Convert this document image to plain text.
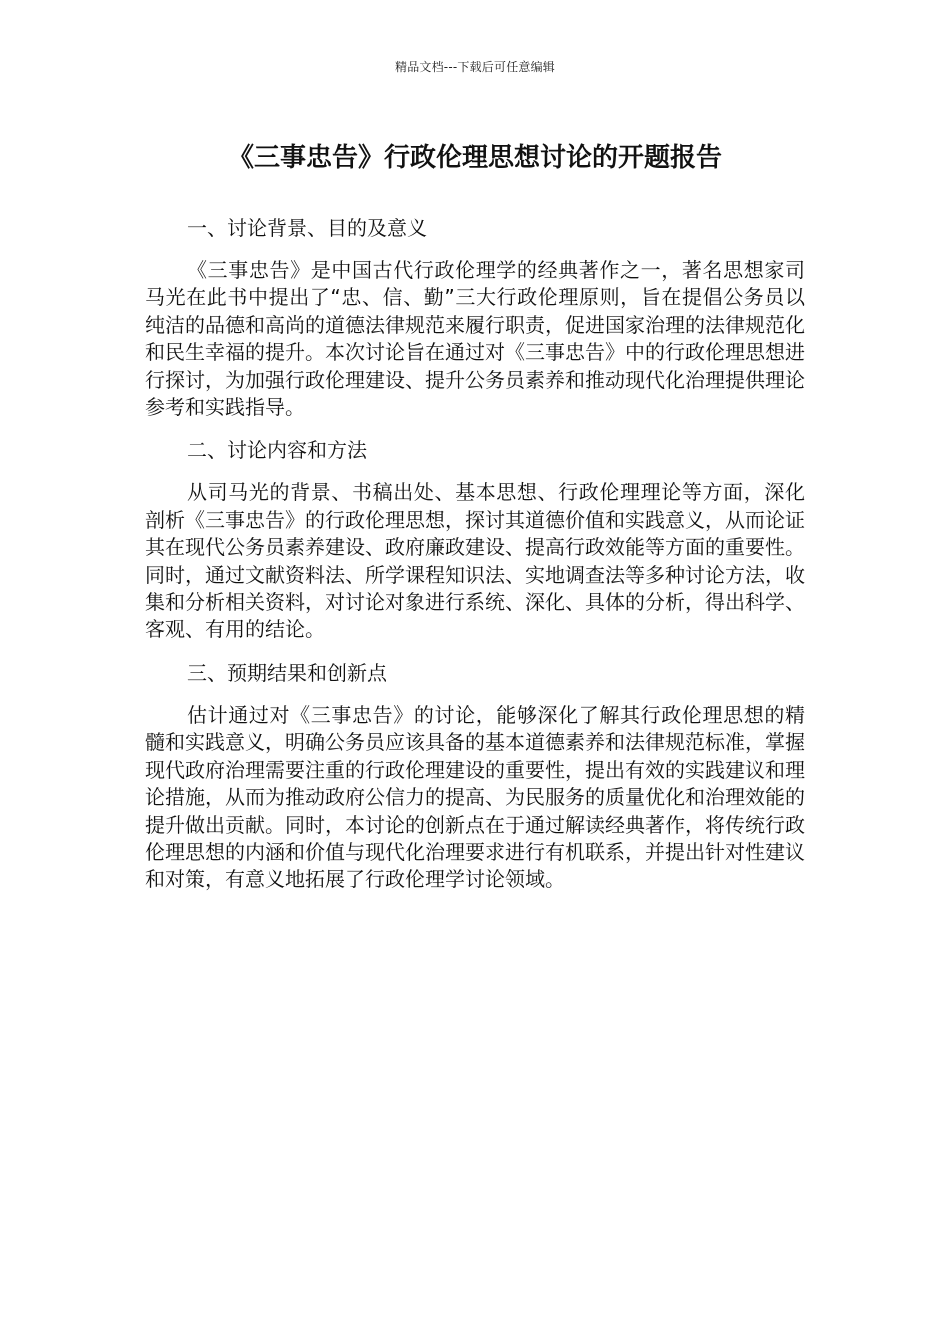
精品文档---下载后可任意编辑
《三事忠告》行政伦理思想讨论的开题报告
一、讨论背景、目的及意义

《三事忠告》是中国古代行政伦理学的经典著作之一，著名思想家司马光在此书中提出了“忠、信、勤”三大行政伦理原则，旨在提倡公务员以纯洁的品德和高尚的道德法律规范来履行职责，促进国家治理的法律规范化和民生幸福的提升。本次讨论旨在通过对《三事忠告》中的行政伦理思想进行探讨，为加强行政伦理建设、提升公务员素养和推动现代化治理提供理论参考和实践指导。

二、讨论内容和方法

从司马光的背景、书稿出处、基本思想、行政伦理理论等方面，深化剖析《三事忠告》的行政伦理思想，探讨其道德价值和实践意义，从而论证其在现代公务员素养建设、政府廉政建设、提高行政效能等方面的重要性。同时，通过文献资料法、所学课程知识法、实地调查法等多种讨论方法，收集和分析相关资料，对讨论对象进行系统、深化、具体的分析，得出科学、客观、有用的结论。

三、预期结果和创新点

估计通过对《三事忠告》的讨论，能够深化了解其行政伦理思想的精髓和实践意义，明确公务员应该具备的基本道德素养和法律规范标准，掌握现代政府治理需要注重的行政伦理建设的重要性，提出有效的实践建议和理论措施，从而为推动政府公信力的提高、为民服务的质量优化和治理效能的提升做出贡献。同时，本讨论的创新点在于通过解读经典著作，将传统行政伦理思想的内涵和价值与现代化治理要求进行有机联系，并提出针对性建议和对策，有意义地拓展了行政伦理学讨论领域。
